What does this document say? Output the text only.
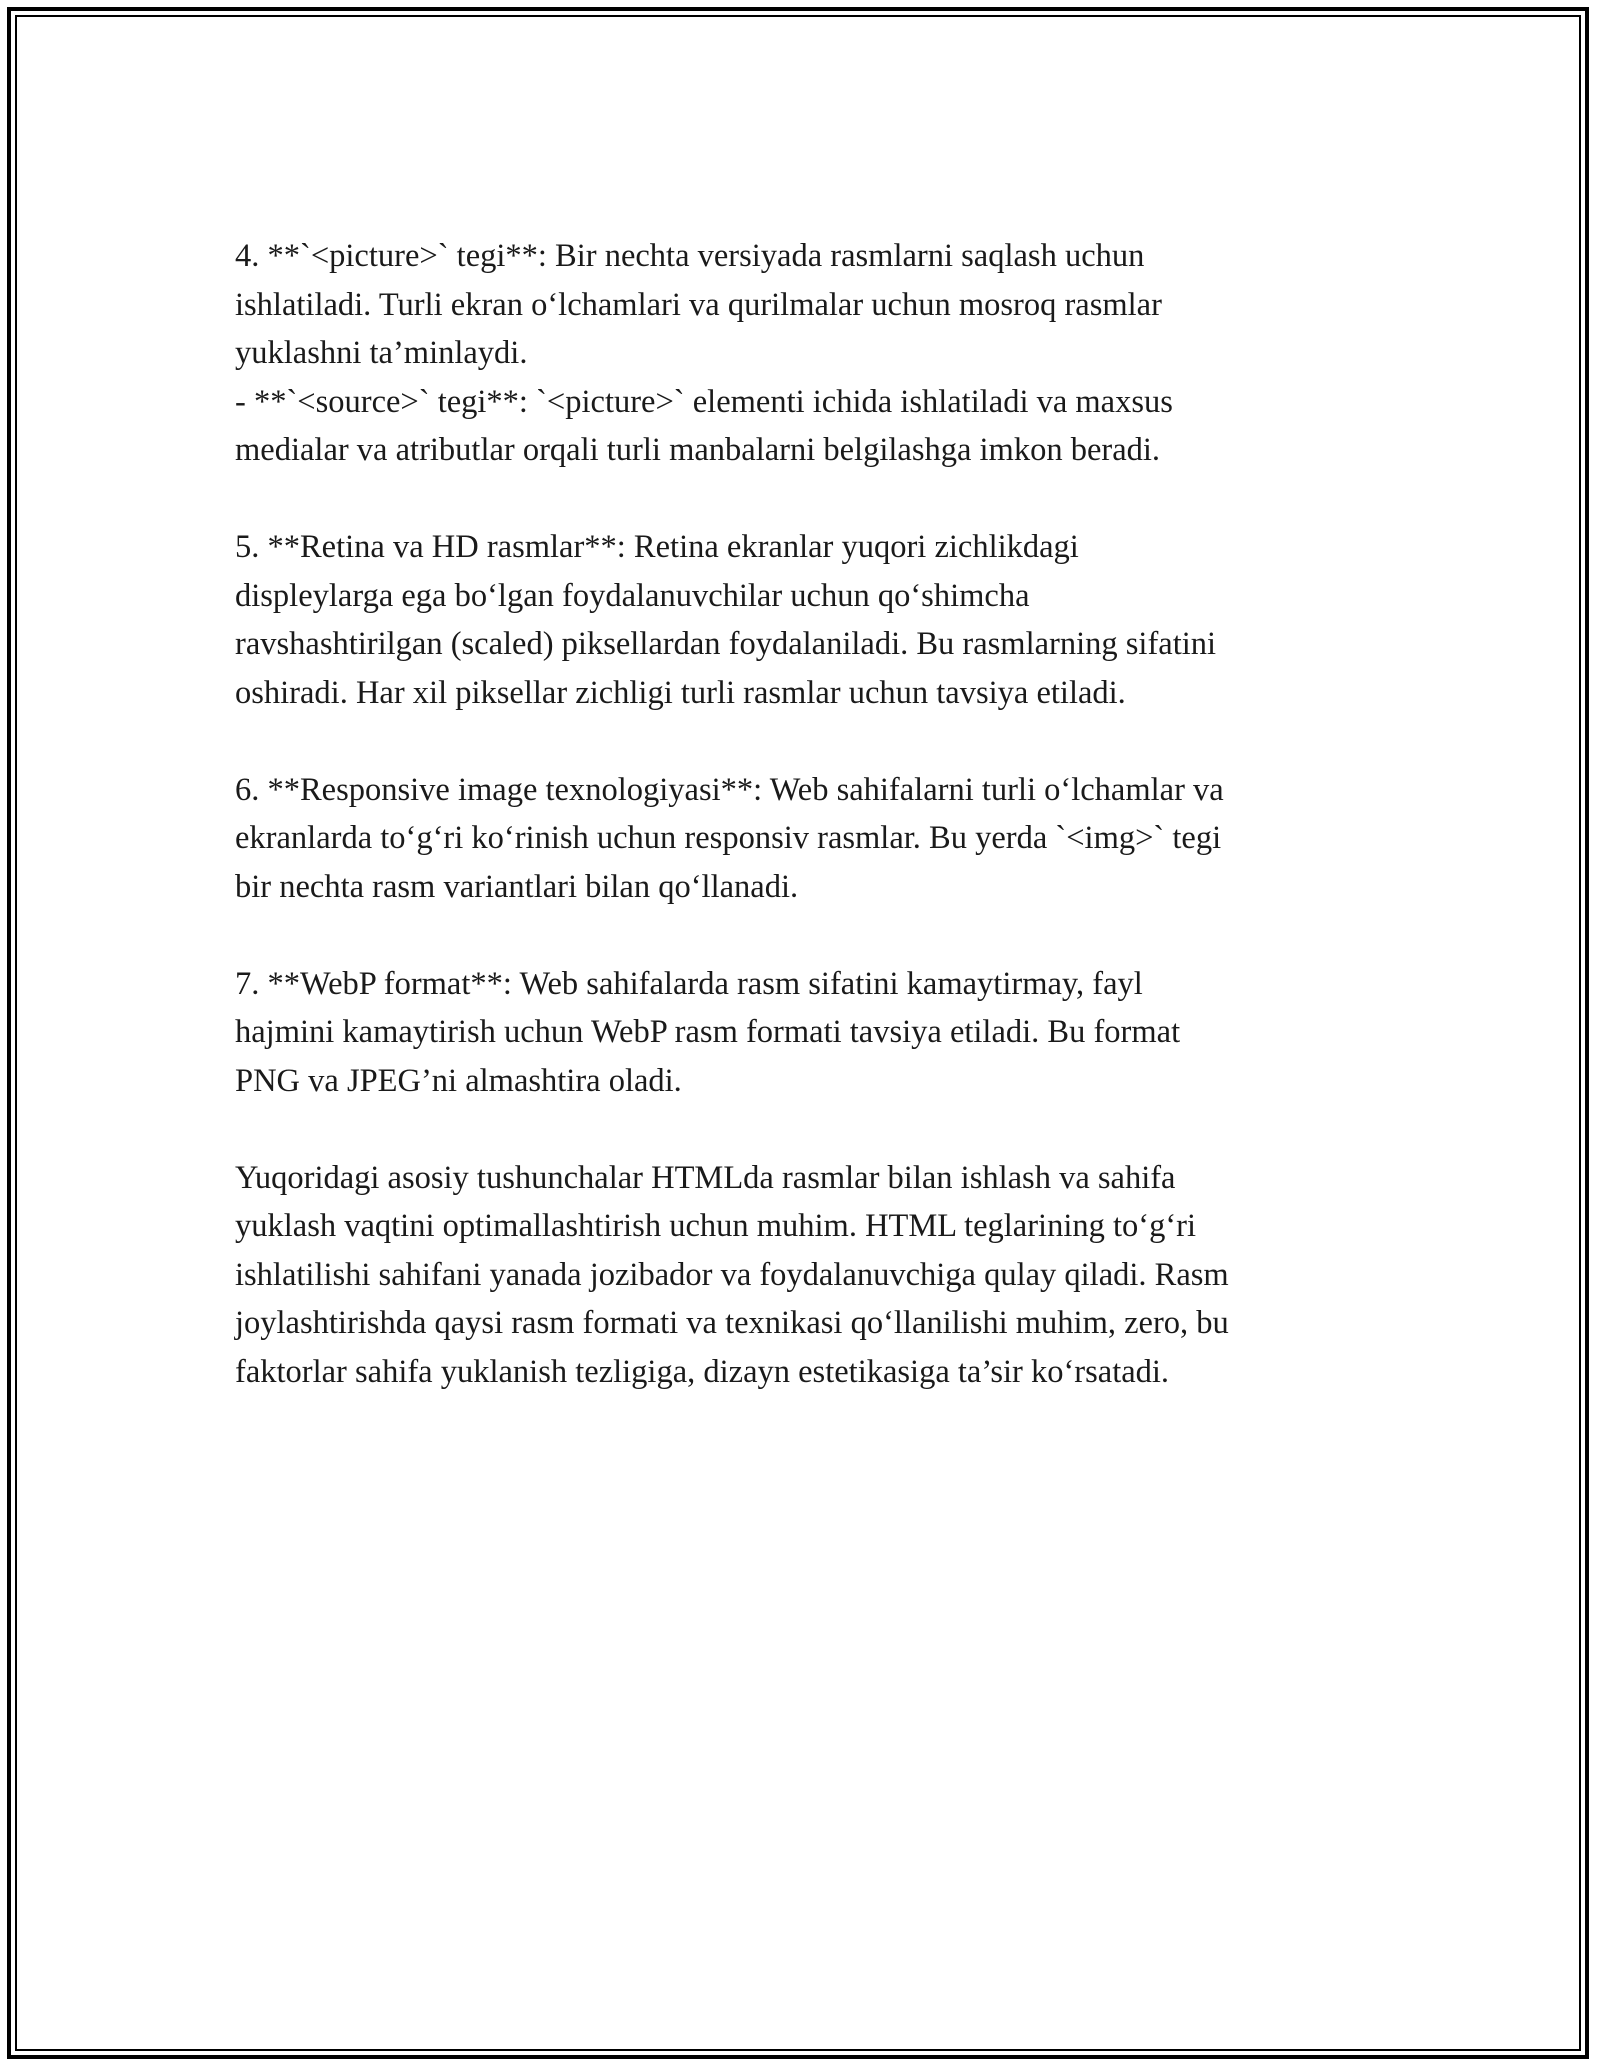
4. **`<picture>` tegi**: Bir nechta versiyada rasmlarni saqlash uchun
ishlatiladi. Turli ekran o‘lchamlari va qurilmalar uchun mosroq rasmlar
yuklashni ta’minlaydi.
- **`<source>` tegi**: `<picture>` elementi ichida ishlatiladi va maxsus
medialar va atributlar orqali turli manbalarni belgilashga imkon beradi.

5. **Retina va HD rasmlar**: Retina ekranlar yuqori zichlikdagi
displeylarga ega bo‘lgan foydalanuvchilar uchun qo‘shimcha
ravshashtirilgan (scaled) piksellardan foydalaniladi. Bu rasmlarning sifatini
oshiradi. Har xil piksellar zichligi turli rasmlar uchun tavsiya etiladi.

6. **Responsive image texnologiyasi**: Web sahifalarni turli o‘lchamlar va
ekranlarda to‘g‘ri ko‘rinish uchun responsiv rasmlar. Bu yerda `<img>` tegi
bir nechta rasm variantlari bilan qo‘llanadi.

7. **WebP format**: Web sahifalarda rasm sifatini kamaytirmay, fayl
hajmini kamaytirish uchun WebP rasm formati tavsiya etiladi. Bu format
PNG va JPEG’ni almashtira oladi.

Yuqoridagi asosiy tushunchalar HTMLda rasmlar bilan ishlash va sahifa
yuklash vaqtini optimallashtirish uchun muhim. HTML teglarining to‘g‘ri
ishlatilishi sahifani yanada jozibador va foydalanuvchiga qulay qiladi. Rasm
joylashtirishda qaysi rasm formati va texnikasi qo‘llanilishi muhim, zero, bu
faktorlar sahifa yuklanish tezligiga, dizayn estetikasiga ta’sir ko‘rsatadi.
